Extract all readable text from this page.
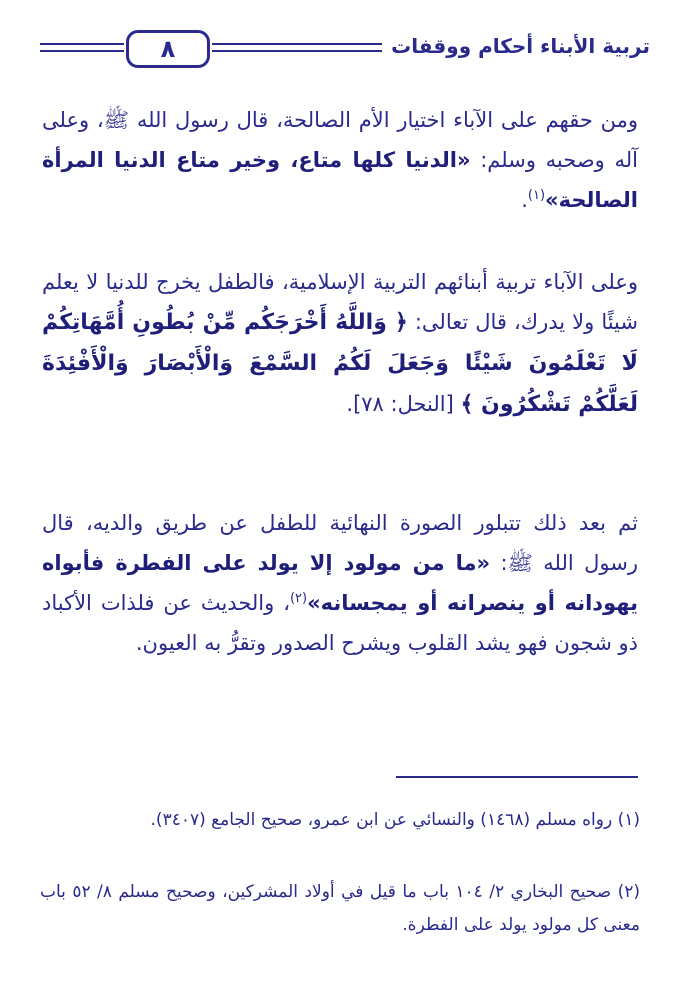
٨	تربية الأبناء أحكام ووقفات
ومن حقهم على الآباء اختيار الأم الصالحة، قال رسول الله ﷺ، وعلى آله وصحبه وسلم: «الدنيا كلها متاع، وخير متاع الدنيا المرأة الصالحة»$^{(١)}$.
وعلى الآباء تربية أبنائهم التربية الإسلامية، فالطفل يخرج للدنيا لا يعلم شيئًا ولا يدرك، قال تعالى: ﴿ وَاللَّهُ أَخْرَجَكُم مِّنْ بُطُونِ أُمَّهَاتِكُمْ لَا تَعْلَمُونَ شَيْئًا وَجَعَلَ لَكُمُ السَّمْعَ وَالْأَبْصَارَ وَالْأَفْئِدَةَ لَعَلَّكُمْ تَشْكُرُونَ ﴾ [النحل: ٧٨].
ثم بعد ذلك تتبلور الصورة النهائية للطفل عن طريق والديه، قال رسول الله ﷺ: «ما من مولود إلا يولد على الفطرة فأبواه يهودانه أو ينصرانه أو يمجسانه»$^{(٢)}$، والحديث عن فلذات الأكباد ذو شجون فهو يشد القلوب ويشرح الصدور وتقرُّ به العيون.
(١) رواه مسلم (١٤٦٨) والنسائي عن ابن عمرو، صحيح الجامع (٣٤٠٧).
(٢) صحيح البخاري ٢/ ١٠٤ باب ما قيل في أولاد المشركين، وصحيح مسلم ٨/ ٥٢ باب معنى كل مولود يولد على الفطرة.
